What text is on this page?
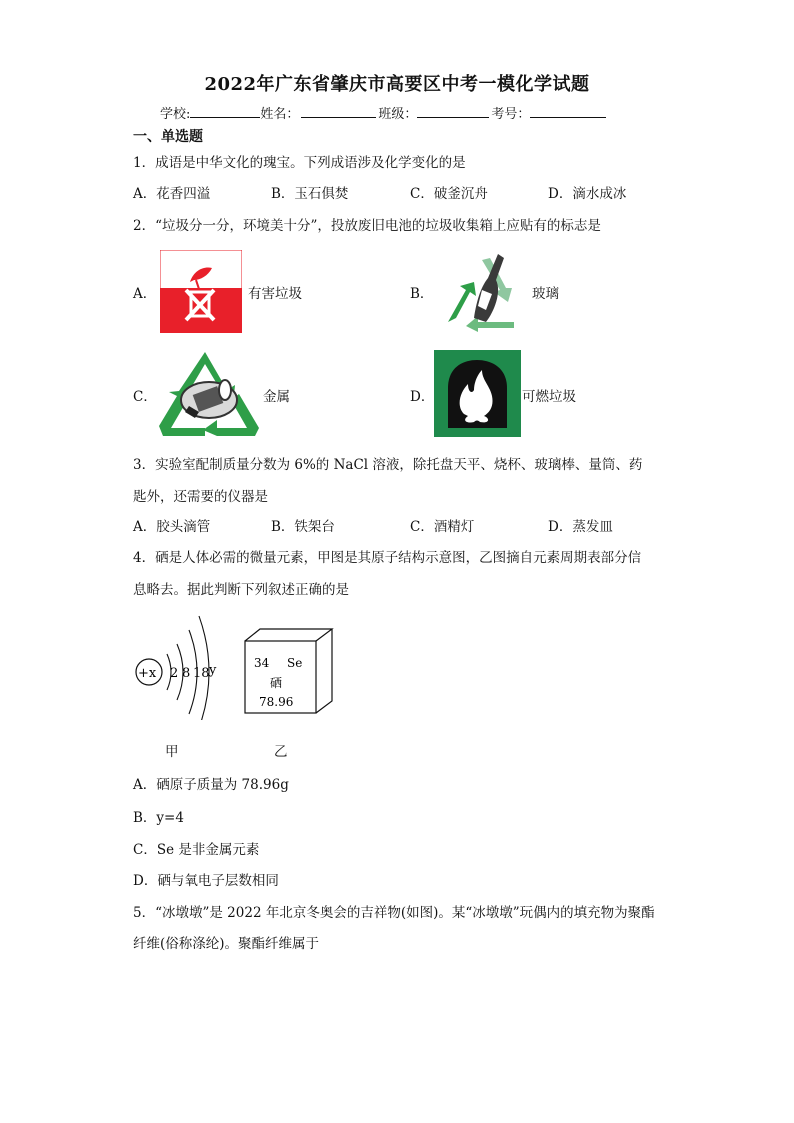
2022年广东省肇庆市高要区中考一模化学试题
学校:	姓名：	班级：	考号：
一、单选题
1．成语是中华文化的瑰宝。下列成语涉及化学变化的是
A．花香四溢	B．玉石俱焚	C．破釜沉舟	D．滴水成冰
2．“垃圾分一分，环境美十分”，投放废旧电池的垃圾收集箱上应贴有的标志是
A．	有害垃圾	B．	玻璃
C．	金属	D．	可燃垃圾
3．实验室配制质量分数为 6%的 NaCl 溶液，除托盘天平、烧杯、玻璃棒、量筒、药
匙外，还需要的仪器是
A．胶头滴管	B．铁架台	C．酒精灯	D．蒸发皿
4．硒是人体必需的微量元素，甲图是其原子结构示意图，乙图摘自元素周期表部分信
息略去。据此判断下列叙述正确的是
+x 2 8 18 y	34 Se
硒
78.96
甲	乙
A．硒原子质量为 78.96g
B．y=4
C．Se 是非金属元素
D．硒与氧电子层数相同
5．“冰墩墩”是 2022 年北京冬奥会的吉祥物(如图)。某“冰墩墩”玩偶内的填充物为聚酯
纤维(俗称涤纶)。聚酯纤维属于
